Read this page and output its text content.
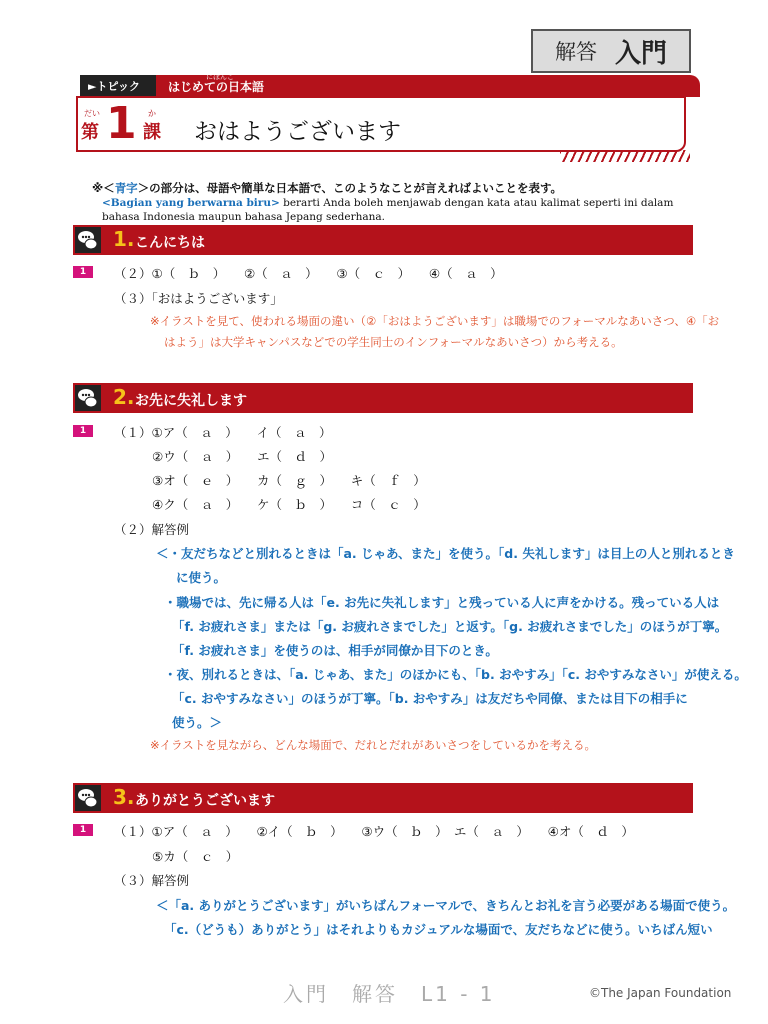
解答 入門
►トピック	はじめての日本語
にほんご
だい
第 1 か
課 おはようございます
※＜青字＞の部分は、母語や簡単な日本語で、このようなことが言えればよいことを表す。
<Bagian yang berwarna biru> berarti Anda boleh menjawab dengan kata atau kalimat seperti ini dalam bahasa Indonesia maupun bahasa Jepang sederhana.
1. こんにちは
1	（２）①（　ｂ　）　　②（　ａ　）　　③（　ｃ　）　　④（　ａ　）
（３）「おはようございます」
※イラストを見て、使われる場面の違い（②「おはようございます」は職場でのフォーマルなあいさつ、④「お
はよう」は大学キャンパスなどでの学生同士のインフォーマルなあいさつ）から考える。
2. お先に失礼します
1	（１）①ア（　ａ　）　　イ（　ａ　）
②ウ（　ａ　）　　エ（　ｄ　）
③オ（　ｅ　）　　カ（　ｇ　）　　キ（　ｆ　）
④ク（　ａ　）　　ケ（　ｂ　）　　コ（　ｃ　）
（２）解答例
＜・友だちなどと別れるときは「a. じゃあ、また」を使う。「d. 失礼します」は目上の人と別れるとき
に使う。
・職場では、先に帰る人は「e. お先に失礼します」と残っている人に声をかける。残っている人は
「f. お疲れさま」または「g. お疲れさまでした」と返す。「g. お疲れさまでした」のほうが丁寧。
「f. お疲れさま」を使うのは、相手が同僚か目下のとき。
・夜、別れるときは、「a. じゃあ、また」のほかにも、「b. おやすみ」「c. おやすみなさい」が使える。
「c. おやすみなさい」のほうが丁寧。「b. おやすみ」は友だちや同僚、または目下の相手に
使う。＞
※イラストを見ながら、どんな場面で、だれとだれがあいさつをしているかを考える。
3. ありがとうございます
1	（１）①ア（　ａ　）　　②イ（　ｂ　）　　③ウ（　ｂ　）　エ（　ａ　）　　④オ（　ｄ　）
⑤カ（　ｃ　）
（３）解答例
＜「a. ありがとうございます」がいちばんフォーマルで、きちんとお礼を言う必要がある場面で使う。
「c.（どうも）ありがとう」はそれよりもカジュアルな場面で、友だちなどに使う。いちばん短い
入門　解答　L1 - 1	©The Japan Foundation
